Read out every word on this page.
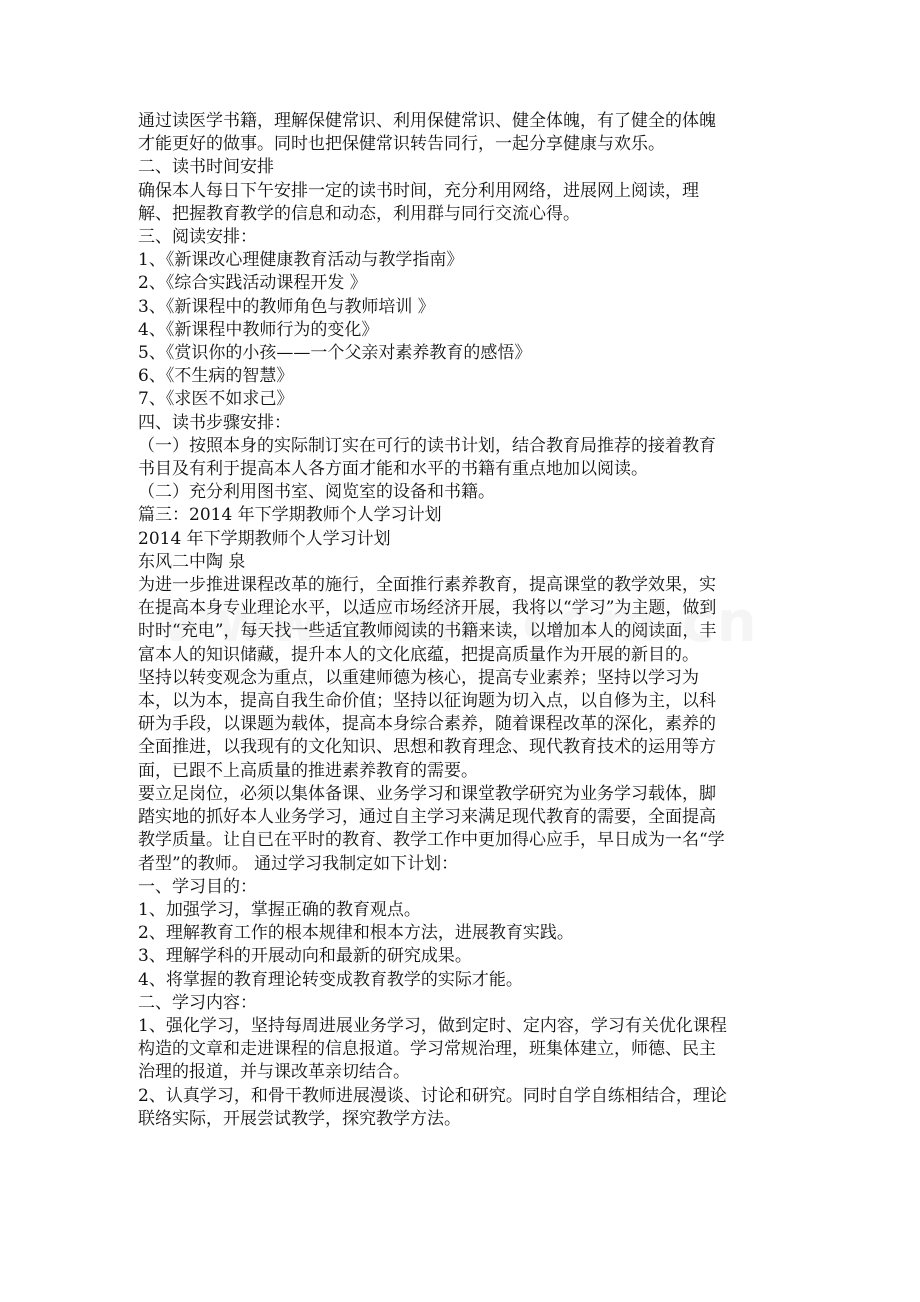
通过读医学书籍，理解保健常识、利用保健常识、健全体魄，有了健全的体魄
才能更好的做事。同时也把保健常识转告同行，一起分享健康与欢乐。
二、读书时间安排
确保本人每日下午安排一定的读书时间，充分利用网络，进展网上阅读，理
解、把握教育教学的信息和动态，利用群与同行交流心得。
三、阅读安排：
1、《新课改心理健康教育活动与教学指南》
2、《综合实践活动课程开发 》
3、《新课程中的教师角色与教师培训 》
4、《新课程中教师行为的变化》
5、《赏识你的小孩——一个父亲对素养教育的感悟》
6、《不生病的智慧》
7、《求医不如求己》
四、读书步骤安排：
（一）按照本身的实际制订实在可行的读书计划，结合教育局推荐的接着教育
书目及有利于提高本人各方面才能和水平的书籍有重点地加以阅读。
（二）充分利用图书室、阅览室的设备和书籍。
篇三：2014 年下学期教师个人学习计划
2014 年下学期教师个人学习计划
东风二中陶 泉
为进一步推进课程改革的施行，全面推行素养教育，提高课堂的教学效果，实
在提高本身专业理论水平，以适应市场经济开展，我将以“学习”为主题，做到
时时“充电”，每天找一些适宜教师阅读的书籍来读，以增加本人的阅读面，丰
富本人的知识储藏，提升本人的文化底蕴，把提高质量作为开展的新目的。
坚持以转变观念为重点，以重建师德为核心，提高专业素养；坚持以学习为
本，以为本，提高自我生命价值；坚持以征询题为切入点，以自修为主，以科
研为手段，以课题为载体，提高本身综合素养，随着课程改革的深化，素养的
全面推进，以我现有的文化知识、思想和教育理念、现代教育技术的运用等方
面，已跟不上高质量的推进素养教育的需要。
要立足岗位，必须以集体备课、业务学习和课堂教学研究为业务学习载体，脚
踏实地的抓好本人业务学习，通过自主学习来满足现代教育的需要，全面提高
教学质量。让自已在平时的教育、教学工作中更加得心应手，早日成为一名“学
者型”的教师。 通过学习我制定如下计划：
一、学习目的：
1、加强学习，掌握正确的教育观点。
2、理解教育工作的根本规律和根本方法，进展教育实践。
3、理解学科的开展动向和最新的研究成果。
4、将掌握的教育理论转变成教育教学的实际才能。
二、学习内容：
1、强化学习，坚持每周进展业务学习，做到定时、定内容，学习有关优化课程
构造的文章和走进课程的信息报道。学习常规治理，班集体建立，师德、民主
治理的报道，并与课改革亲切结合。
2、认真学习，和骨干教师进展漫谈、讨论和研究。同时自学自练相结合，理论
联络实际，开展尝试教学，探究教学方法。
